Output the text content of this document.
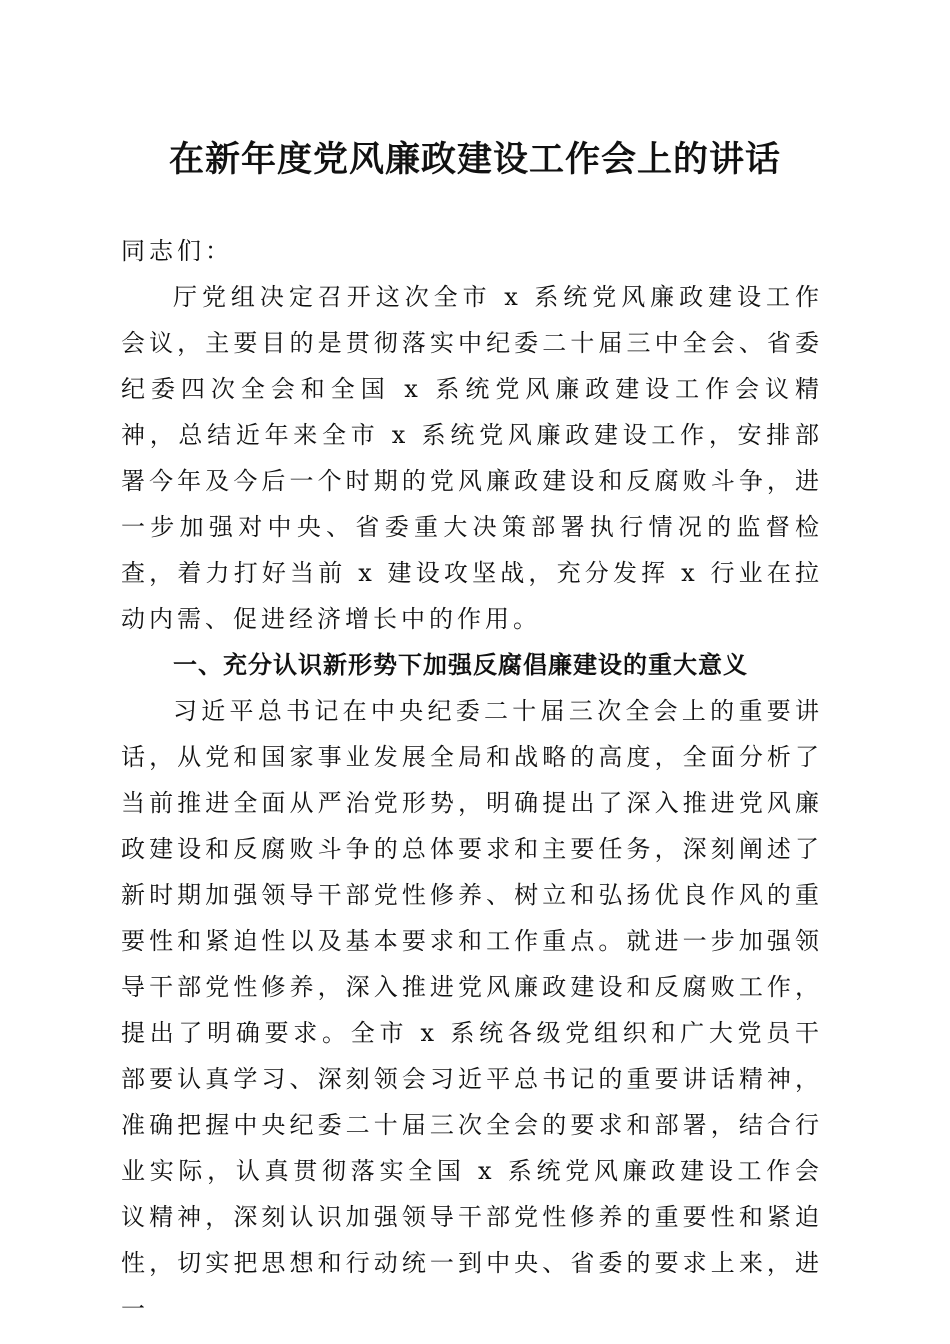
在新年度党风廉政建设工作会上的讲话

同志们：

厅党组决定召开这次全市 x 系统党风廉政建设工作会议，主要目的是贯彻落实中纪委二十届三中全会、省委纪委四次全会和全国 x 系统党风廉政建设工作会议精神，总结近年来全市 x 系统党风廉政建设工作，安排部署今年及今后一个时期的党风廉政建设和反腐败斗争，进一步加强对中央、省委重大决策部署执行情况的监督检查，着力打好当前 x 建设攻坚战，充分发挥 x 行业在拉动内需、促进经济增长中的作用。

一、充分认识新形势下加强反腐倡廉建设的重大意义

习近平总书记在中央纪委二十届三次全会上的重要讲话，从党和国家事业发展全局和战略的高度，全面分析了当前推进全面从严治党形势，明确提出了深入推进党风廉政建设和反腐败斗争的总体要求和主要任务，深刻阐述了新时期加强领导干部党性修养、树立和弘扬优良作风的重要性和紧迫性以及基本要求和工作重点。就进一步加强领导干部党性修养，深入推进党风廉政建设和反腐败工作，提出了明确要求。全市 x 系统各级党组织和广大党员干部要认真学习、深刻领会习近平总书记的重要讲话精神，准确把握中央纪委二十届三次全会的要求和部署，结合行业实际，认真贯彻落实全国 x 系统党风廉政建设工作会议精神，深刻认识加强领导干部党性修养的重要性和紧迫性，切实把思想和行动统一到中央、省委的要求上来，进一
